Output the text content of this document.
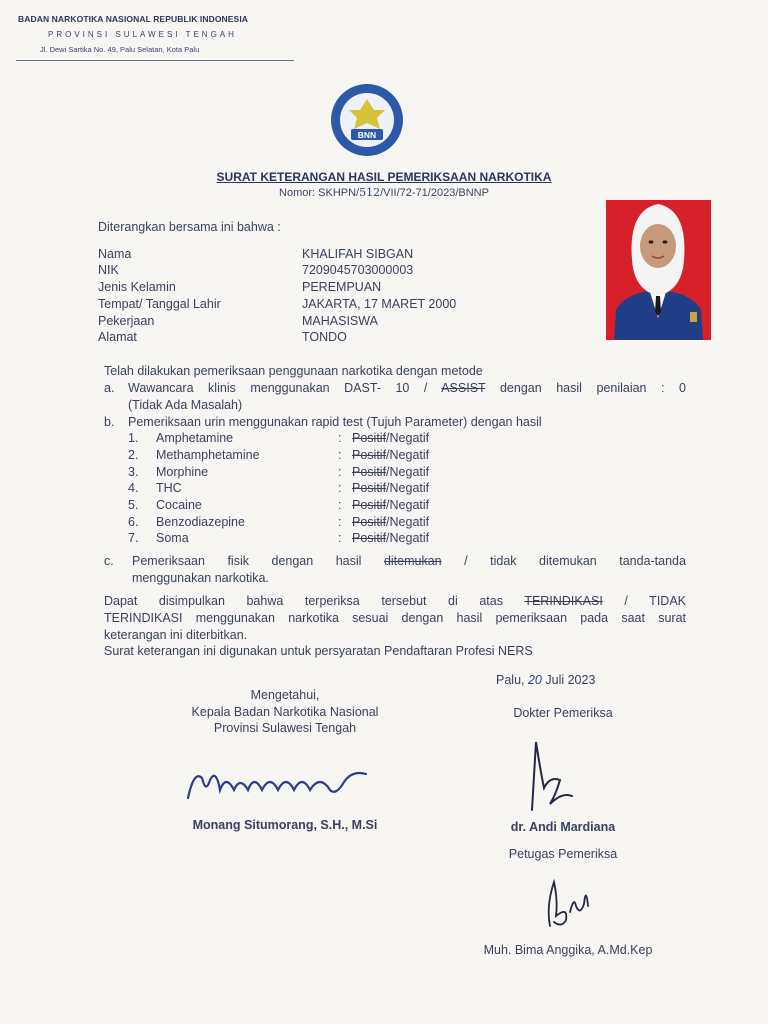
BADAN NARKOTIKA NASIONAL REPUBLIK INDONESIA
PROVINSI SULAWESI TENGAH
Jl. Dewi Sartika No. 49, Palu Selatan, Kota Palu
BNN
SURAT KETERANGAN HASIL PEMERIKSAAN NARKOTIKA
Nomor: SKHPN/512/VII/72-71/2023/BNNP
Diterangkan bersama ini bahwa :
Nama	KHALIFAH SIBGAN
NIK	7209045703000003
Jenis Kelamin	PEREMPUAN
Tempat/ Tanggal Lahir	JAKARTA, 17 MARET 2000
Pekerjaan	MAHASISWA
Alamat	TONDO
Telah dilakukan pemeriksaan penggunaan narkotika dengan metode
a. Wawancara klinis menggunakan DAST- 10 / ASSIST dengan hasil penilaian : 0
(Tidak Ada Masalah)
b. Pemeriksaan urin menggunakan rapid test (Tujuh Parameter) dengan hasil
1. Amphetamine	: Positif/Negatif
2. Methamphetamine	: Positif/Negatif
3. Morphine	: Positif/Negatif
4. THC	: Positif/Negatif
5. Cocaine	: Positif/Negatif
6. Benzodiazepine	: Positif/Negatif
7. Soma	: Positif/Negatif
c. Pemeriksaan fisik dengan hasil ditemukan / tidak ditemukan tanda-tanda
menggunakan narkotika.
Dapat disimpulkan bahwa terperiksa tersebut di atas TERINDIKASI / TIDAK
TERINDIKASI menggunakan narkotika sesuai dengan hasil pemeriksaan pada saat surat
keterangan ini diterbitkan.
Surat keterangan ini digunakan untuk persyaratan Pendaftaran Profesi NERS
Palu, 20 Juli 2023
Mengetahui,
Kepala Badan Narkotika Nasional
Provinsi Sulawesi Tengah
Dokter Pemeriksa
Monang Situmorang, S.H., M.Si	dr. Andi Mardiana
Petugas Pemeriksa
Muh. Bima Anggika, A.Md.Kep
